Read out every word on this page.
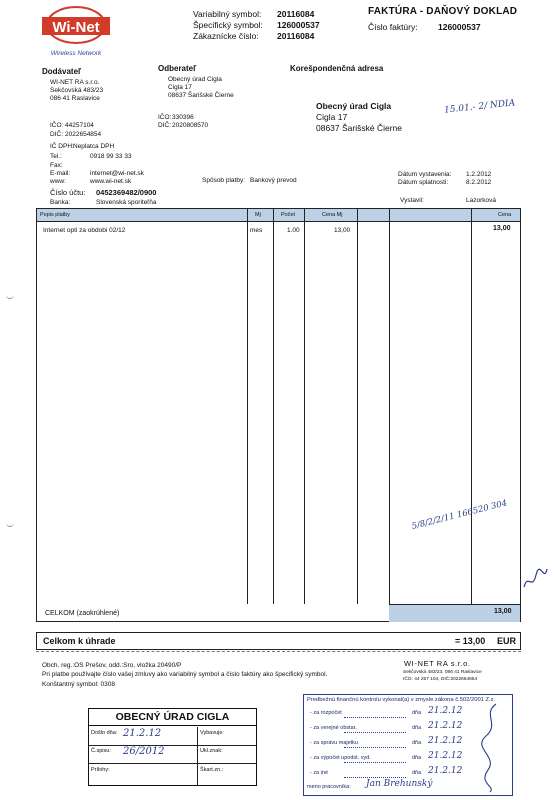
Wi-Net
Wireless Network
Variabilný symbol: 20116084
Špecifický symbol: 126000537
Zákaznícke číslo: 20116084
FAKTÚRA - DAŇOVÝ DOKLAD
Číslo faktúry: 126000537
Dodávateľ
WI-NET RA s.r.o.
Sekčovská 483/23
086 41 Raslavice
IČO: 44257104
DIČ: 2022654854
IČ DPH: Neplatca DPH
Tel.:	0918 99 33 33
Fax:
E-mail:	internet@wi-net.sk
www:	www.wi-net.sk
Číslo účtu: 0452369482/0900
Banka:	Slovenská sporiteľňa
Odberateľ
Obecný úrad Cigla
Cigla 17
08637 Šarišské Čierne
IČO: 330396
DIČ: 2020808570
Korešpondenčná adresa
Obecný úrad Cigla
Cigla 17
08637 Šarišské Čierne
15.01.- 2/ NDIA
Spôsob platby: Bankový prevod
Dátum vystavenia: 1.2.2012
Dátum splatnosti:	8.2.2012
Vystavil:	Lazorková
Popis platby	Mj	Počet	Cena Mj	Cena
Internet opti za obdobi 02/12	mes	1.00	13,00	13,00
CELKOM (zaokrúhlené)	13,00
Celkom k úhrade	= 13,00 EUR
Obch. reg.:OS Prešov, odd.:Sro, vložka 20490/P
Pri platbe používajte číslo vašej zmluvy ako variabilný symbol a číslo faktúry ako špecifický symbol.
Konštantný symbol: 0308
WI-NET RA s.r.o.
Sekčovská 483/23, 086 41 Raslavice
IČO: 44 257 104, DIČ:2022654854
OBECNÝ ÚRAD CIGLA
Došlo dňa: 21.2.12	Vybavuje:
Č.spisu: 26/2012	Ukl.znak:
Prílohy:	Škart.zn.:
Predbežnú finančnú kontrolu vykonal(a) v zmysle zákona č.502/2001 Z.z.
- za rozpočet	dňa 21.2.12
- za verejné obstar.	dňa 21.2.12
- za správu majetku	dňa 21.2.12
- za výpočet upodst. vyd.	dňa 21.2.12
- za iné	dňa 21.2.12
meno pracovníka: Jan Brehunský
5/8/2/2/11 166520 304
